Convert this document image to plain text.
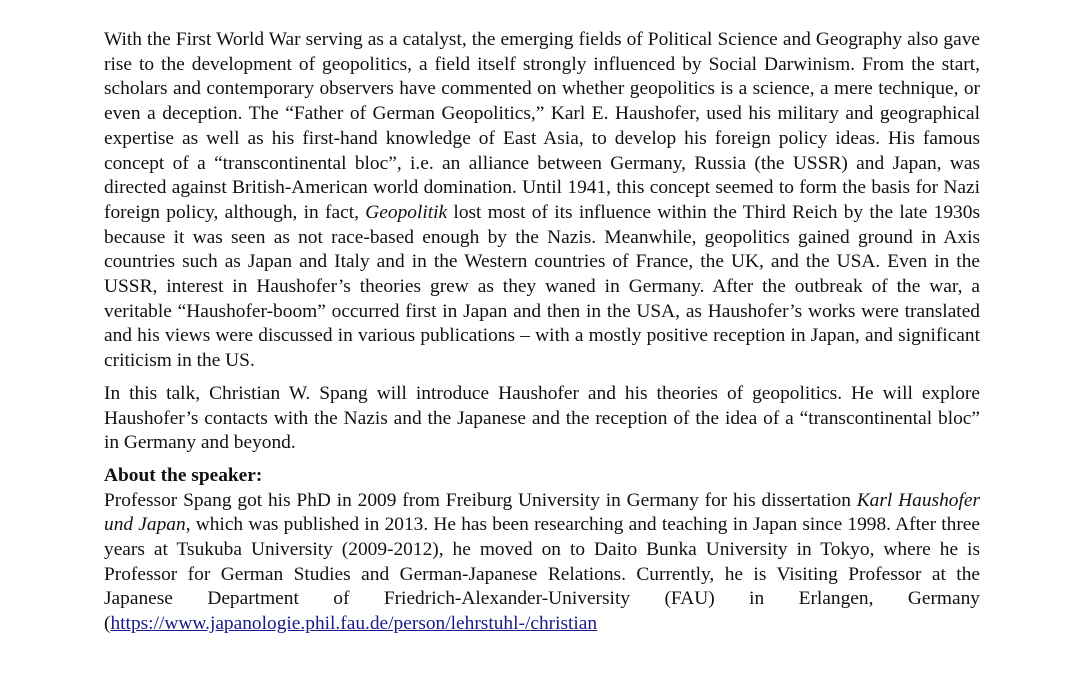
With the First World War serving as a catalyst, the emerging fields of Political Science and Geography also gave rise to the development of geopolitics, a field itself strongly influenced by Social Darwinism. From the start, scholars and contemporary observers have commented on whether geopolitics is a science, a mere technique, or even a deception. The “Father of German Geopolitics,” Karl E. Haushofer, used his military and geographical expertise as well as his first-hand knowledge of East Asia, to develop his foreign policy ideas. His famous concept of a “transcontinental bloc”, i.e. an alliance between Germany, Russia (the USSR) and Japan, was directed against British-American world domination. Until 1941, this concept seemed to form the basis for Nazi foreign policy, although, in fact, Geopolitik lost most of its influence within the Third Reich by the late 1930s because it was seen as not race-based enough by the Nazis. Meanwhile, geopolitics gained ground in Axis countries such as Japan and Italy and in the Western countries of France, the UK, and the USA. Even in the USSR, interest in Haushofer’s theories grew as they waned in Germany. After the outbreak of the war, a veritable “Haushofer-boom” occurred first in Japan and then in the USA, as Haushofer’s works were translated and his views were discussed in various publications – with a mostly positive reception in Japan, and significant criticism in the US.

In this talk, Christian W. Spang will introduce Haushofer and his theories of geopolitics. He will explore Haushofer’s contacts with the Nazis and the Japanese and the reception of the idea of a “transcontinental bloc” in Germany and beyond.

About the speaker:

Professor Spang got his PhD in 2009 from Freiburg University in Germany for his dissertation Karl Haushofer und Japan, which was published in 2013. He has been researching and teaching in Japan since 1998. After three years at Tsukuba University (2009-2012), he moved on to Daito Bunka University in Tokyo, where he is Professor for German Studies and German-Japanese Relations. Currently, he is Visiting Professor at the Japanese Department of Friedrich-Alexander-University (FAU) in Erlangen, Germany (https://www.japanologie.phil.fau.de/person/lehrstuhl-/christian
